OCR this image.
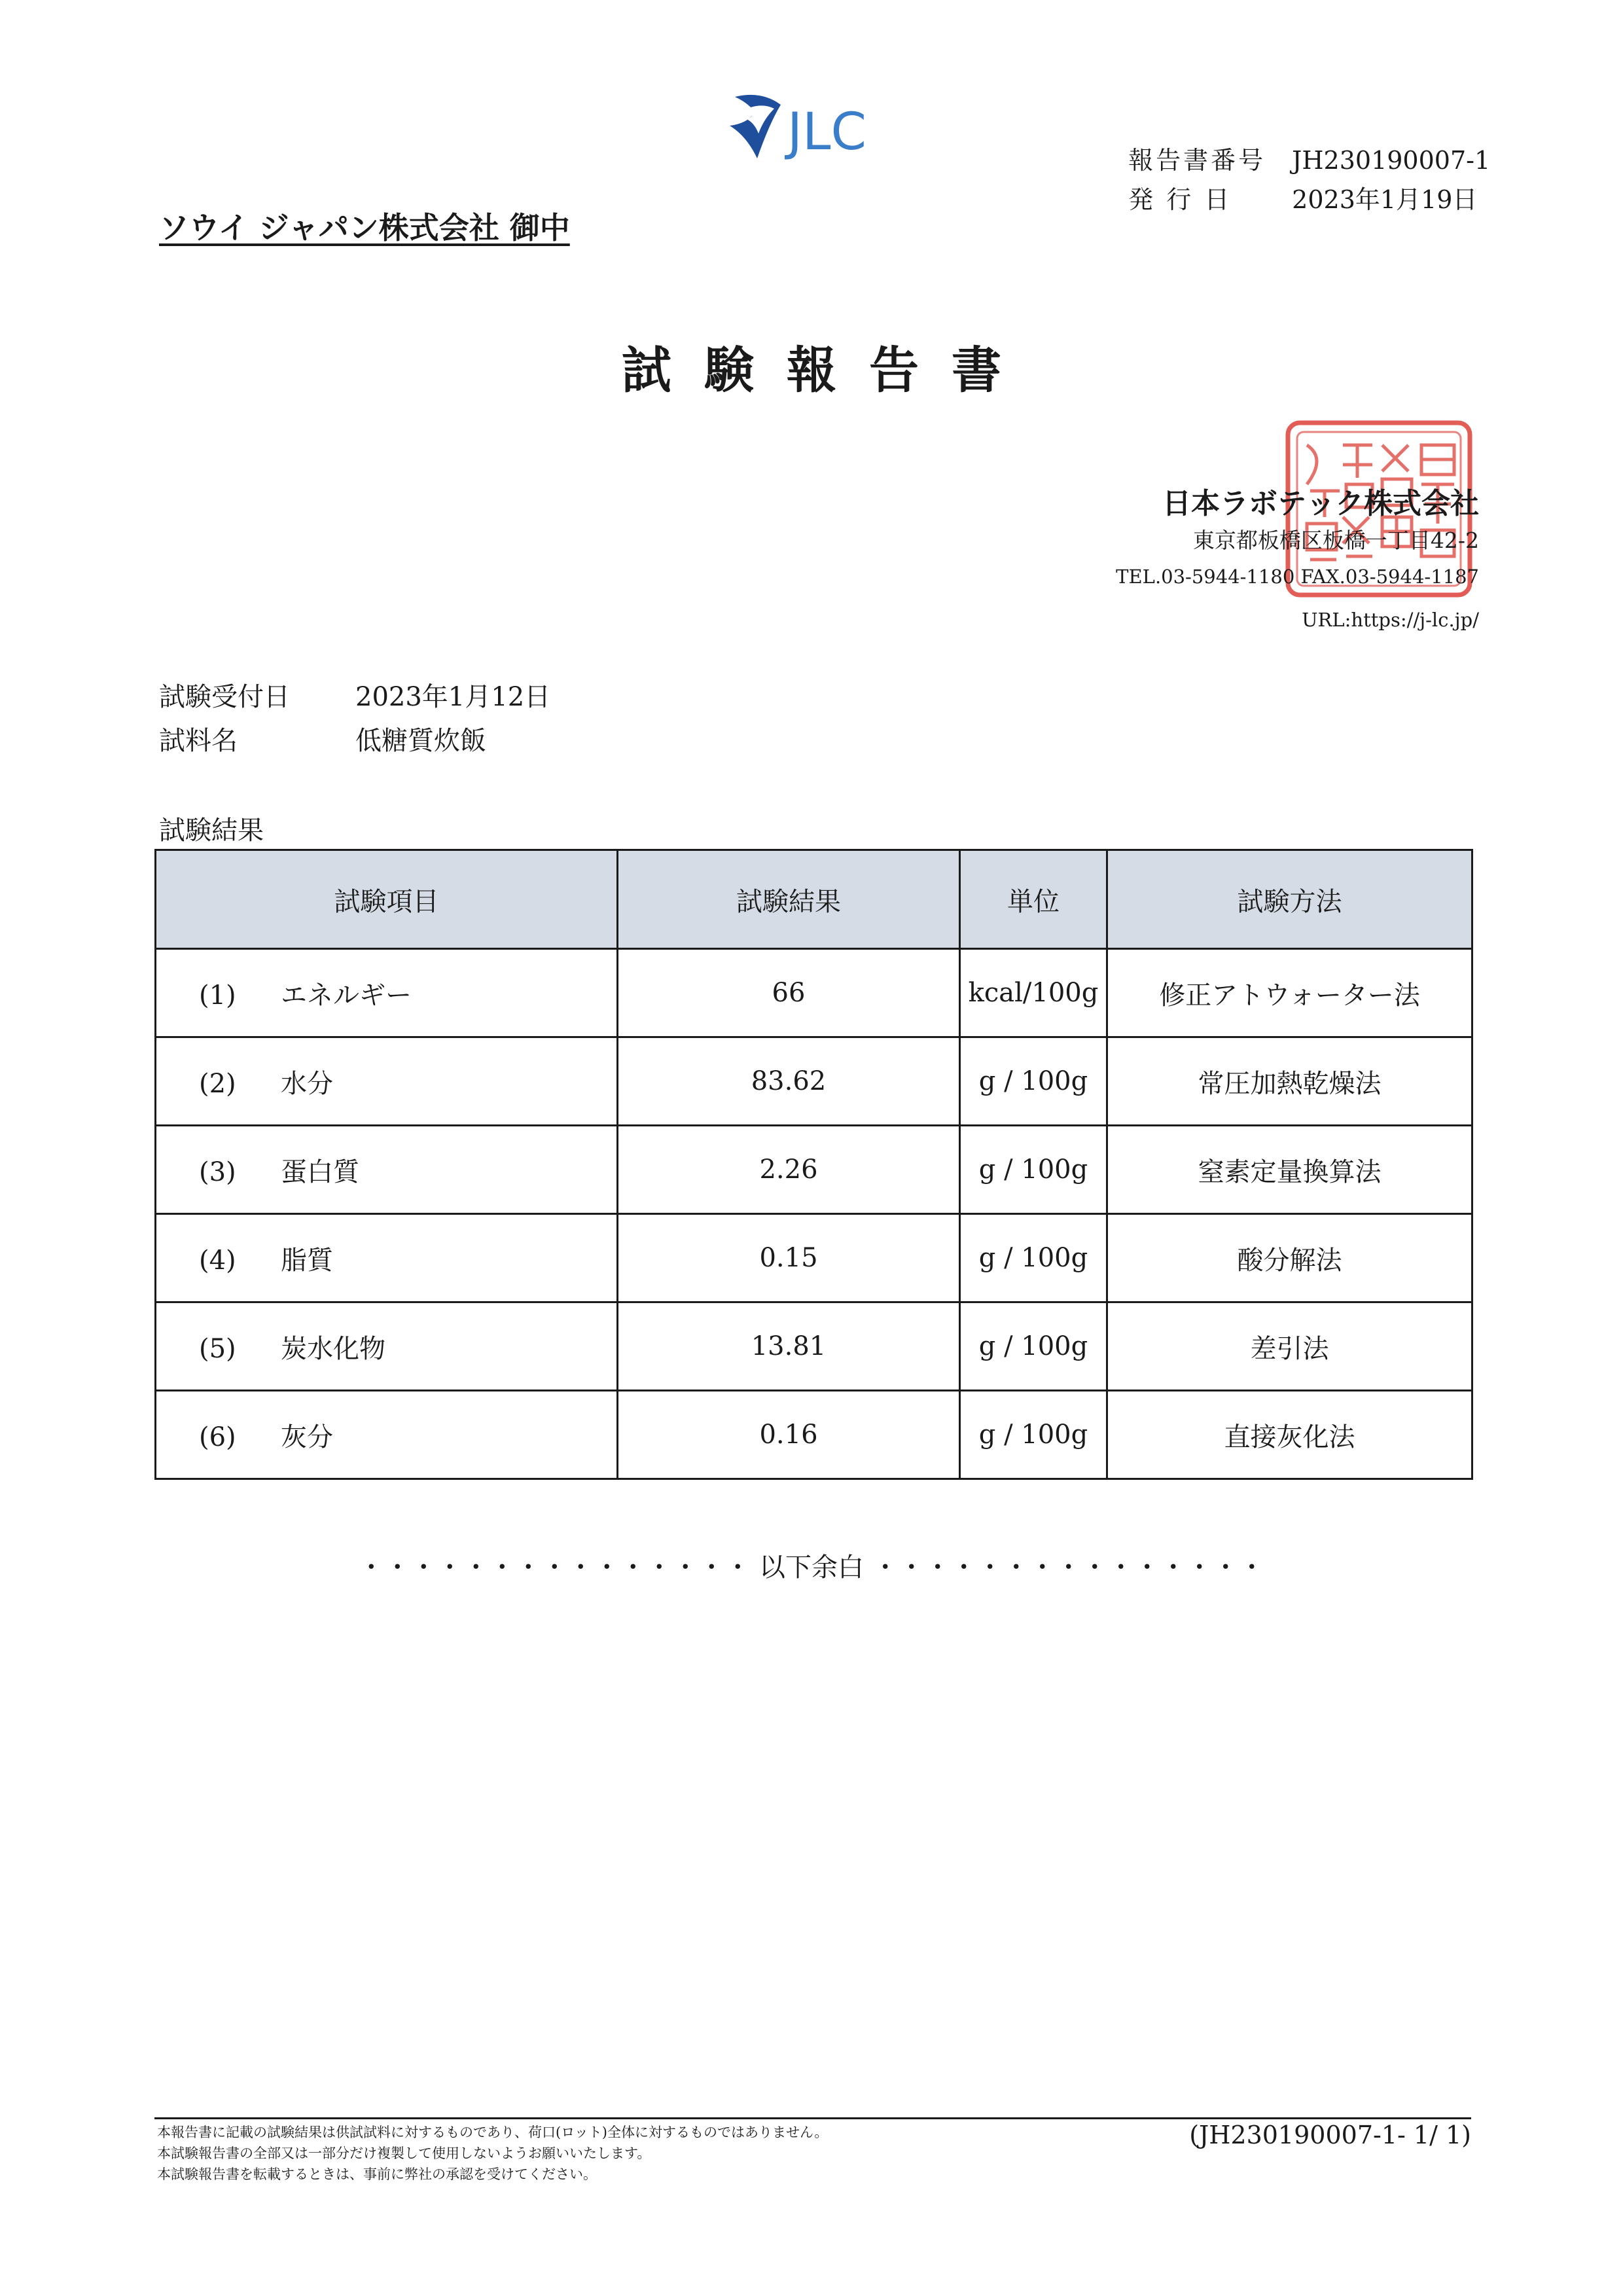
JLC	報告書番号 JH230190007-1

発 行 日 2023年1月19日

ソウイ ジャパン株式会社 御中
試験報告書
日本ラボテック株式会社
東京都板橋区板橋一丁目42-2
TEL.03-5944-1180 FAX.03-5944-1187
URL:https://j-lc.jp/
試験受付日	2023年1月12日
試料名	低糖質炊飯
試験結果
試験項目	試験結果	単位	試験方法
(1) エネルギー	66	kcal/100g	修正アトウォーター法
(2) 水分	83.62	g / 100g	常圧加熱乾燥法
(3) 蛋白質	2.26	g / 100g	窒素定量換算法
(4) 脂質	0.15	g / 100g	酸分解法
(5) 炭水化物	13.81	g / 100g	差引法
(6) 灰分	0.16	g / 100g	直接灰化法
・・・・・・・・・・・・・・・ 以下余白 ・・・・・・・・・・・・・・・
本報告書に記載の試験結果は供試試料に対するものであり、荷口(ロット)全体に対するものではありません。
本試験報告書の全部又は一部分だけ複製して使用しないようお願いいたします。
本試験報告書を転載するときは、事前に弊社の承認を受けてください。
(JH230190007-1- 1/ 1)
